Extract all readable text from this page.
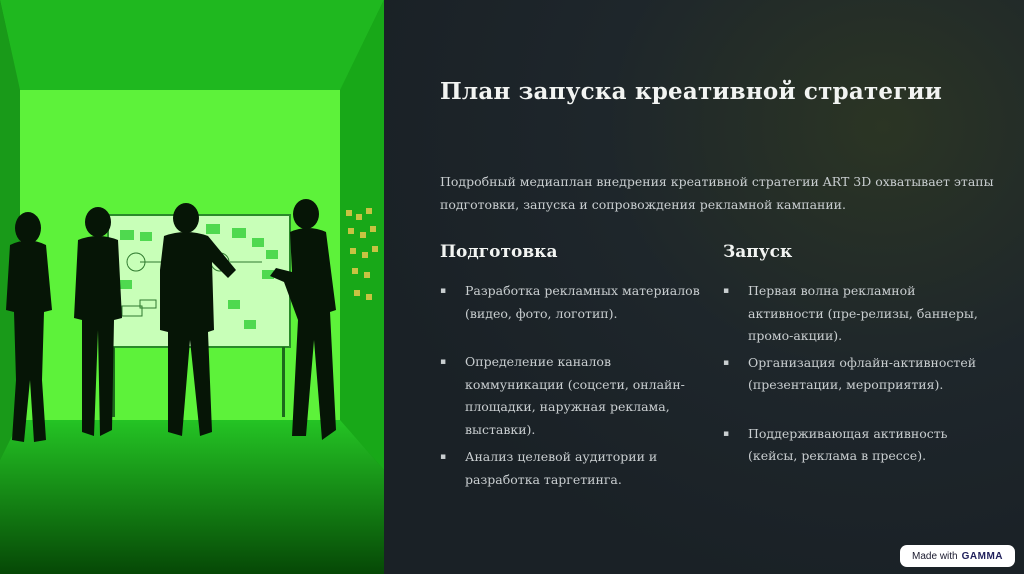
План запуска креативной стратегии

Подробный медиаплан внедрения креативной стратегии ART 3D охватывает этапы подготовки, запуска и сопровождения рекламной кампании.

Подготовка
▪ Разработка рекламных материалов (видео, фото, логотип).
▪ Определение каналов коммуникации (соцсети, онлайн-площадки, наружная реклама, выставки).
▪ Анализ целевой аудитории и разработка таргетинга.
Запуск
▪ Первая волна рекламной активности (пре-релизы, баннеры, промо-акции).
▪ Организация офлайн-активностей (презентации, мероприятия).
▪ Поддерживающая активность (кейсы, реклама в прессе).
Made with GAMMA
